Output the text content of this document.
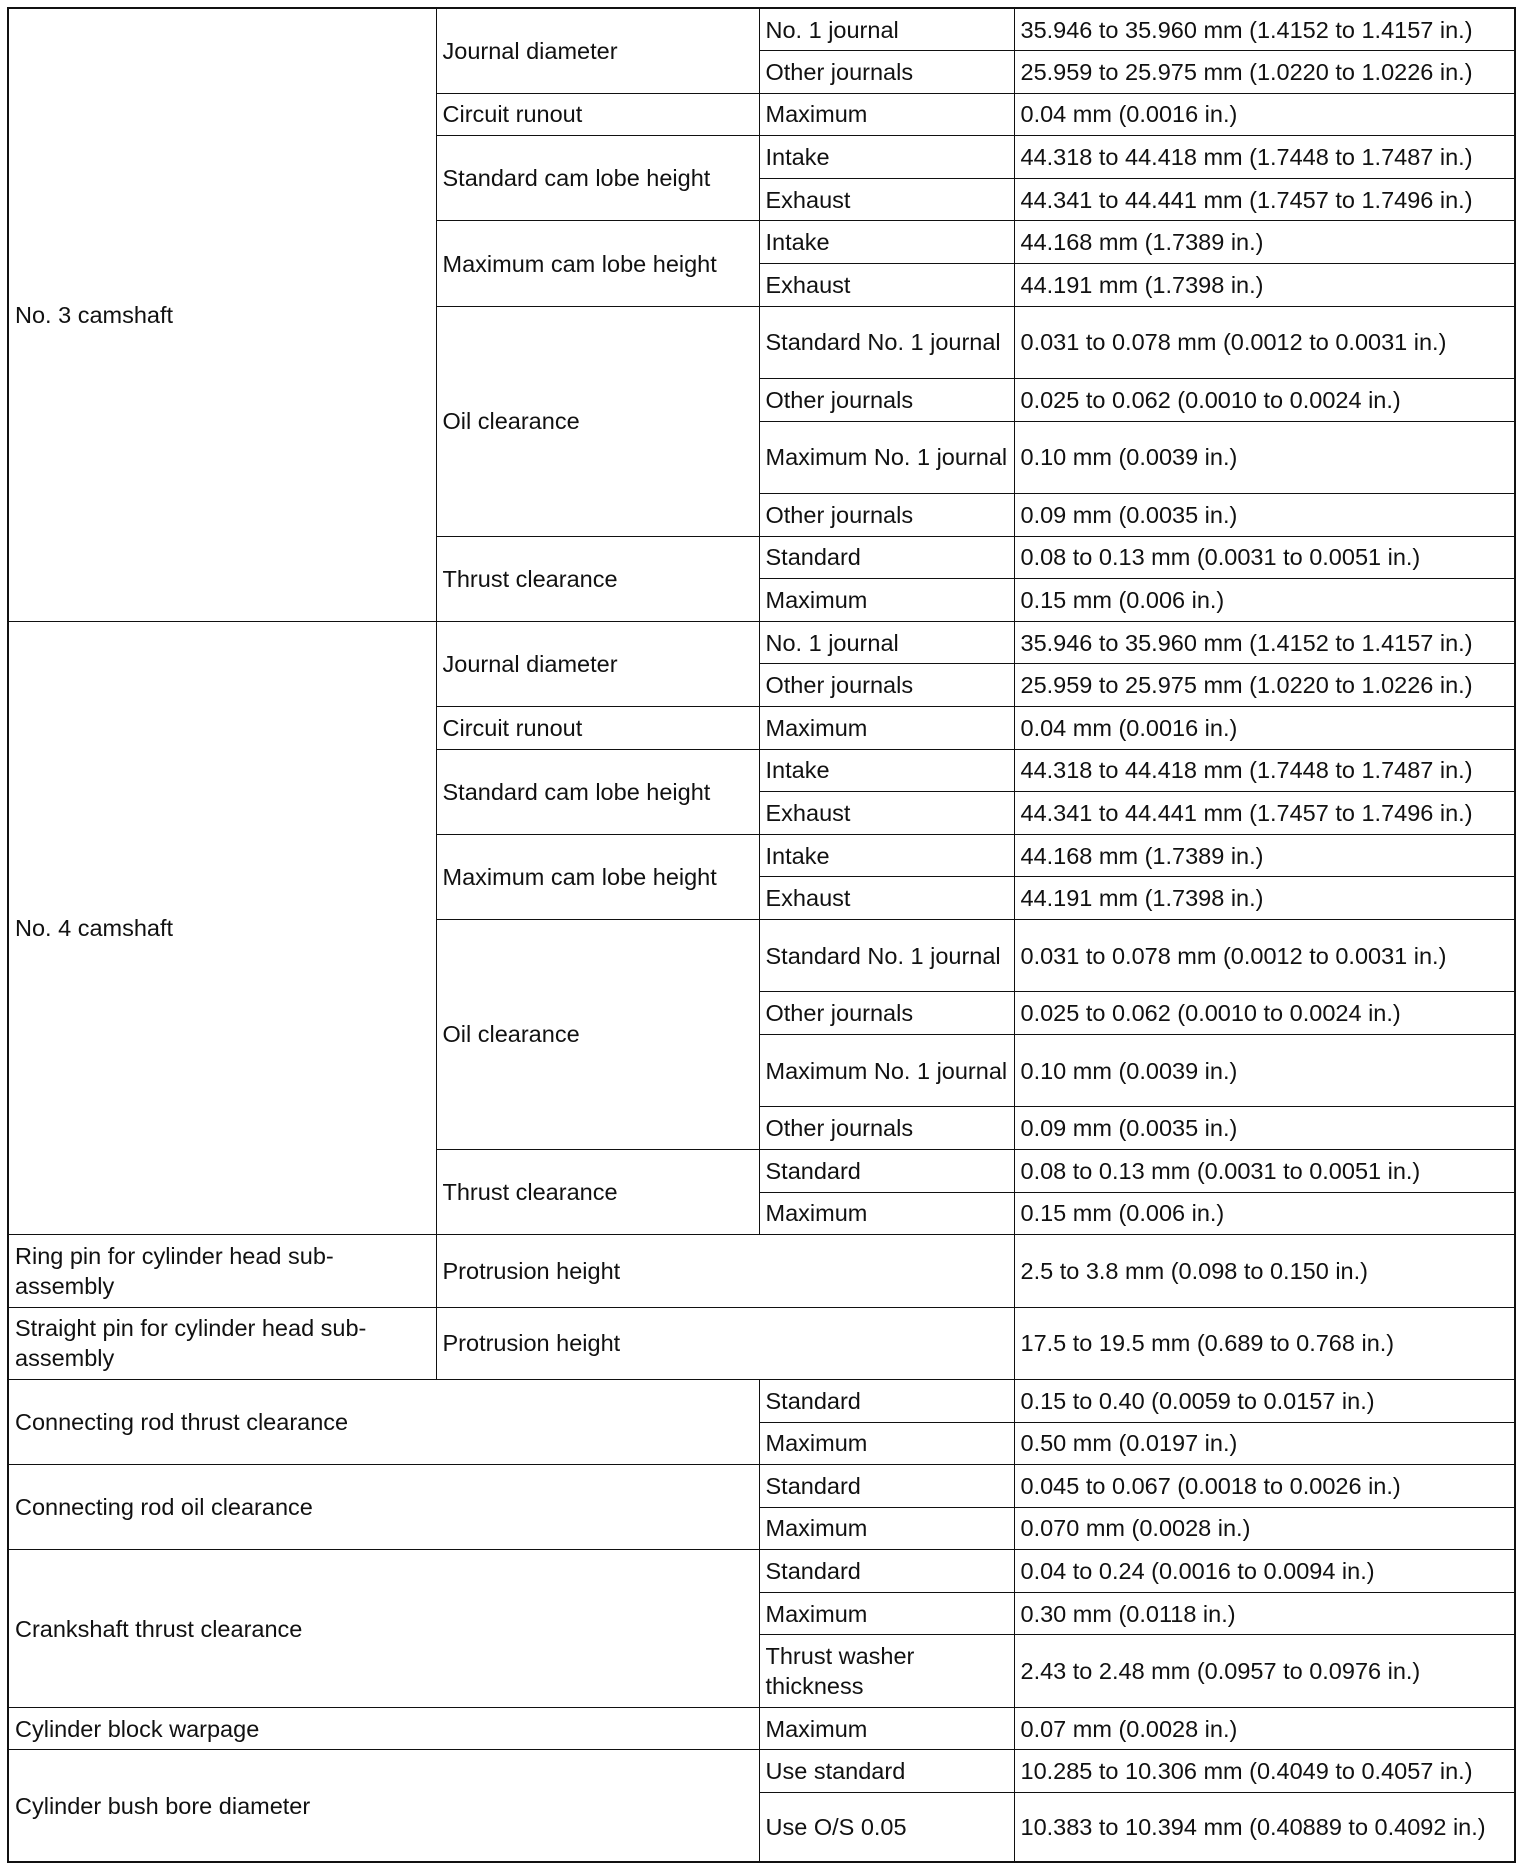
No. 3 camshaft	Journal diameter	No. 1 journal	35.946 to 35.960 mm (1.4152 to 1.4157 in.)
		Other journals	25.959 to 25.975 mm (1.0220 to 1.0226 in.)
	Circuit runout	Maximum	0.04 mm (0.0016 in.)
	Standard cam lobe height	Intake	44.318 to 44.418 mm (1.7448 to 1.7487 in.)
		Exhaust	44.341 to 44.441 mm (1.7457 to 1.7496 in.)
	Maximum cam lobe height	Intake	44.168 mm (1.7389 in.)
		Exhaust	44.191 mm (1.7398 in.)
	Oil clearance	Standard No. 1 journal	0.031 to 0.078 mm (0.0012 to 0.0031 in.)
		Other journals	0.025 to 0.062 (0.0010 to 0.0024 in.)
		Maximum No. 1 journal	0.10 mm (0.0039 in.)
		Other journals	0.09 mm (0.0035 in.)
	Thrust clearance	Standard	0.08 to 0.13 mm (0.0031 to 0.0051 in.)
		Maximum	0.15 mm (0.006 in.)
No. 4 camshaft	Journal diameter	No. 1 journal	35.946 to 35.960 mm (1.4152 to 1.4157 in.)
		Other journals	25.959 to 25.975 mm (1.0220 to 1.0226 in.)
	Circuit runout	Maximum	0.04 mm (0.0016 in.)
	Standard cam lobe height	Intake	44.318 to 44.418 mm (1.7448 to 1.7487 in.)
		Exhaust	44.341 to 44.441 mm (1.7457 to 1.7496 in.)
	Maximum cam lobe height	Intake	44.168 mm (1.7389 in.)
		Exhaust	44.191 mm (1.7398 in.)
	Oil clearance	Standard No. 1 journal	0.031 to 0.078 mm (0.0012 to 0.0031 in.)
		Other journals	0.025 to 0.062 (0.0010 to 0.0024 in.)
		Maximum No. 1 journal	0.10 mm (0.0039 in.)
		Other journals	0.09 mm (0.0035 in.)
	Thrust clearance	Standard	0.08 to 0.13 mm (0.0031 to 0.0051 in.)
		Maximum	0.15 mm (0.006 in.)
Ring pin for cylinder head sub-assembly	Protrusion height		2.5 to 3.8 mm (0.098 to 0.150 in.)
Straight pin for cylinder head sub-assembly	Protrusion height		17.5 to 19.5 mm (0.689 to 0.768 in.)
Connecting rod thrust clearance		Standard	0.15 to 0.40 (0.0059 to 0.0157 in.)
		Maximum	0.50 mm (0.0197 in.)
Connecting rod oil clearance		Standard	0.045 to 0.067 (0.0018 to 0.0026 in.)
		Maximum	0.070 mm (0.0028 in.)
Crankshaft thrust clearance		Standard	0.04 to 0.24 (0.0016 to 0.0094 in.)
		Maximum	0.30 mm (0.0118 in.)
		Thrust washer thickness	2.43 to 2.48 mm (0.0957 to 0.0976 in.)
Cylinder block warpage		Maximum	0.07 mm (0.0028 in.)
Cylinder bush bore diameter		Use standard	10.285 to 10.306 mm (0.4049 to 0.4057 in.)
		Use O/S 0.05	10.383 to 10.394 mm (0.40889 to 0.4092 in.)
